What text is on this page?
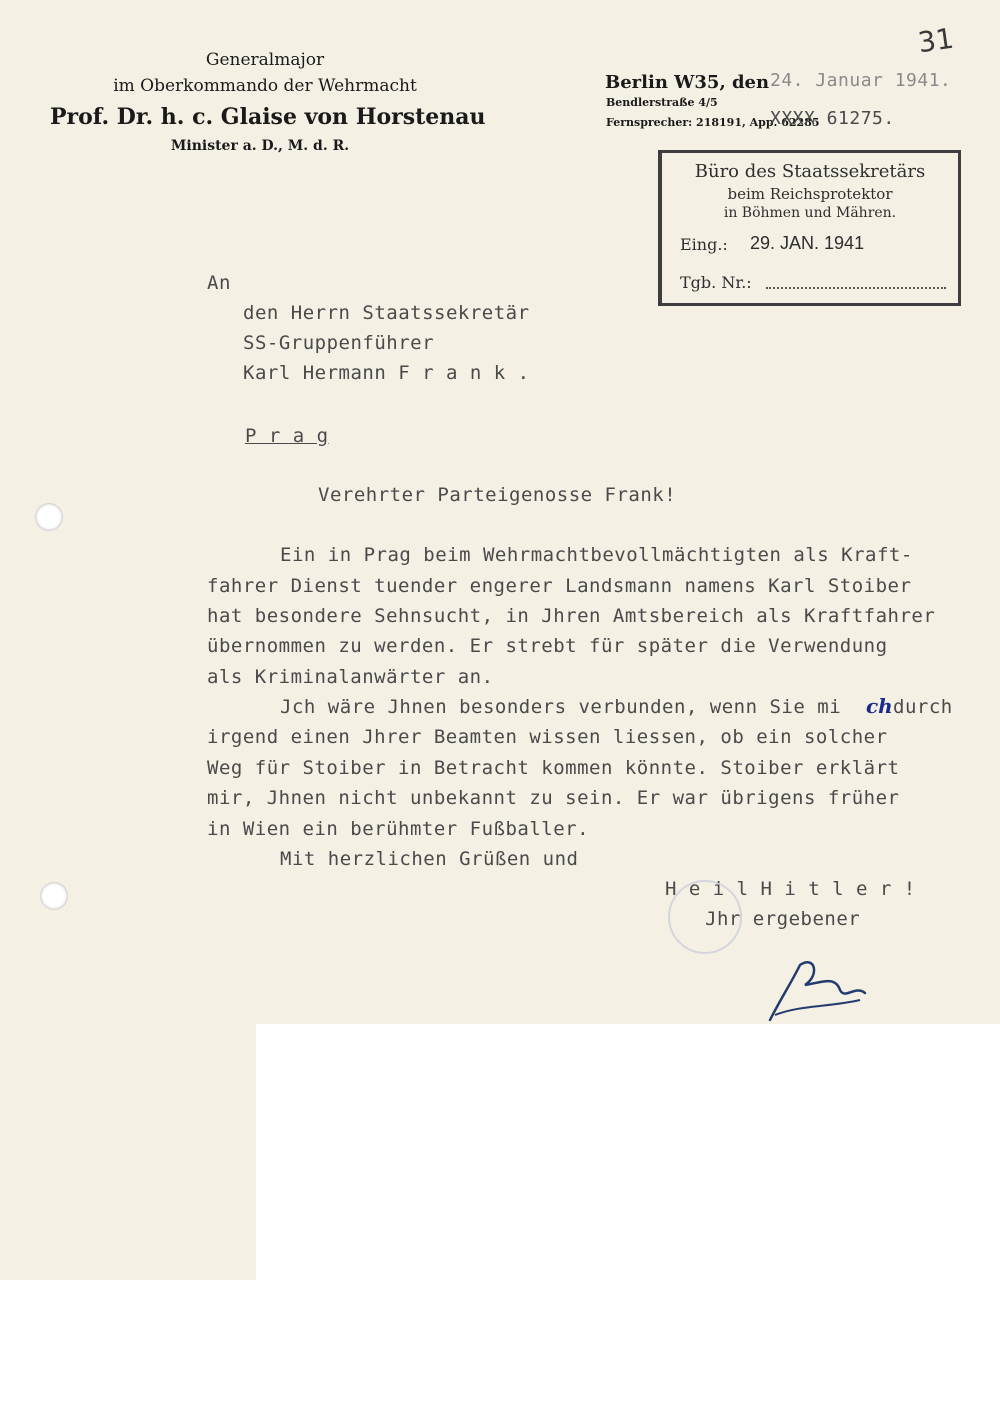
31
Generalmajor
im Oberkommando der Wehrmacht
Prof. Dr. h. c. Glaise von Horstenau
Minister a. D., M. d. R.
Berlin W35, den 24. Januar 1941.
Bendlerstraße 4/5
Fernsprecher: 218191, App. 62285
XXXX 61275.
Büro des Staatssekretärs
beim Reichsprotektor
in Böhmen und Mähren.
Eing.: 29. JAN. 1941
Tgb. Nr.:
An
den Herrn Staatssekretär
SS-Gruppenführer
Karl Hermann F r a n k .
P r a g
Verehrter Parteigenosse Frank!
Ein in Prag beim Wehrmachtbevollmächtigten als Kraft-
fahrer Dienst tuender engerer Landsmann namens Karl Stoiber
hat besondere Sehnsucht, in Jhren Amtsbereich als Kraftfahrer
übernommen zu werden. Er strebt für später die Verwendung
als Kriminalanwärter an.
Jch wäre Jhnen besonders verbunden, wenn Sie mi ch durch
irgend einen Jhrer Beamten wissen liessen, ob ein solcher
Weg für Stoiber in Betracht kommen könnte. Stoiber erklärt
mir, Jhnen nicht unbekannt zu sein. Er war übrigens früher
in Wien ein berühmter Fußballer.
Mit herzlichen Grüßen und
H e i l H i t l e r !
Jhr ergebener
